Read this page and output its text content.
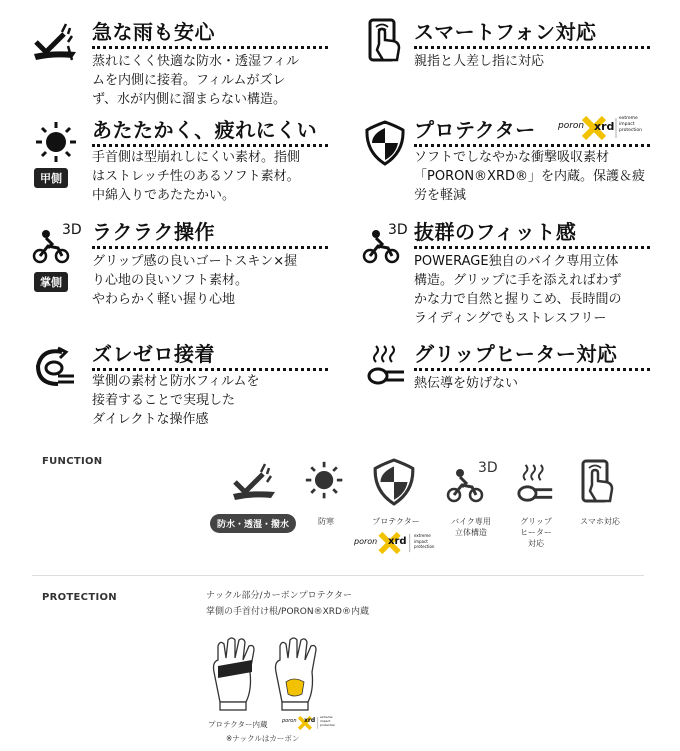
急な雨も安心
蒸れにくく快適な防水・透湿フィル
ムを内側に接着。フィルムがズレ
ず、水が内側に溜まらない構造。
スマートフォン対応
親指と人差し指に対応
甲側
あたたかく、疲れにくい
手首側は型崩れしにくい素材。指側
はストレッチ性のあるソフト素材。
中綿入りであたたかい。
プロテクター poron xrd
extreme
impact
protection
ソフトでしなやかな衝撃吸収素材
「PORON®XRD®」を内蔵。保護＆疲
労を軽減
3D
掌側
ラクラク操作
グリップ感の良いゴートスキン×握
り心地の良いソフト素材。
やわらかく軽い握り心地
3D 抜群のフィット感
POWERAGE独自のバイク専用立体
構造。グリップに手を添えればわず
かな力で自然と握りこめ、長時間の
ライディングでもストレスフリー
ズレゼロ接着
掌側の素材と防水フィルムを
接着することで実現した
ダイレクトな操作感
グリップヒーター対応
熱伝導を妨げない
FUNCTION
防水・透湿・撥水	防寒	プロテクター
poron xrd
extreme
impact
protection
3D
バイク専用
立体構造
グリップ
ヒーター
対応
スマホ対応
PROTECTION	ナックル部分/カーボンプロテクター
掌側の手首付け根/PORON®XRD®内蔵
プロテクター内蔵	poron xrd extreme
impact
protection
※ナックルはカーボン
